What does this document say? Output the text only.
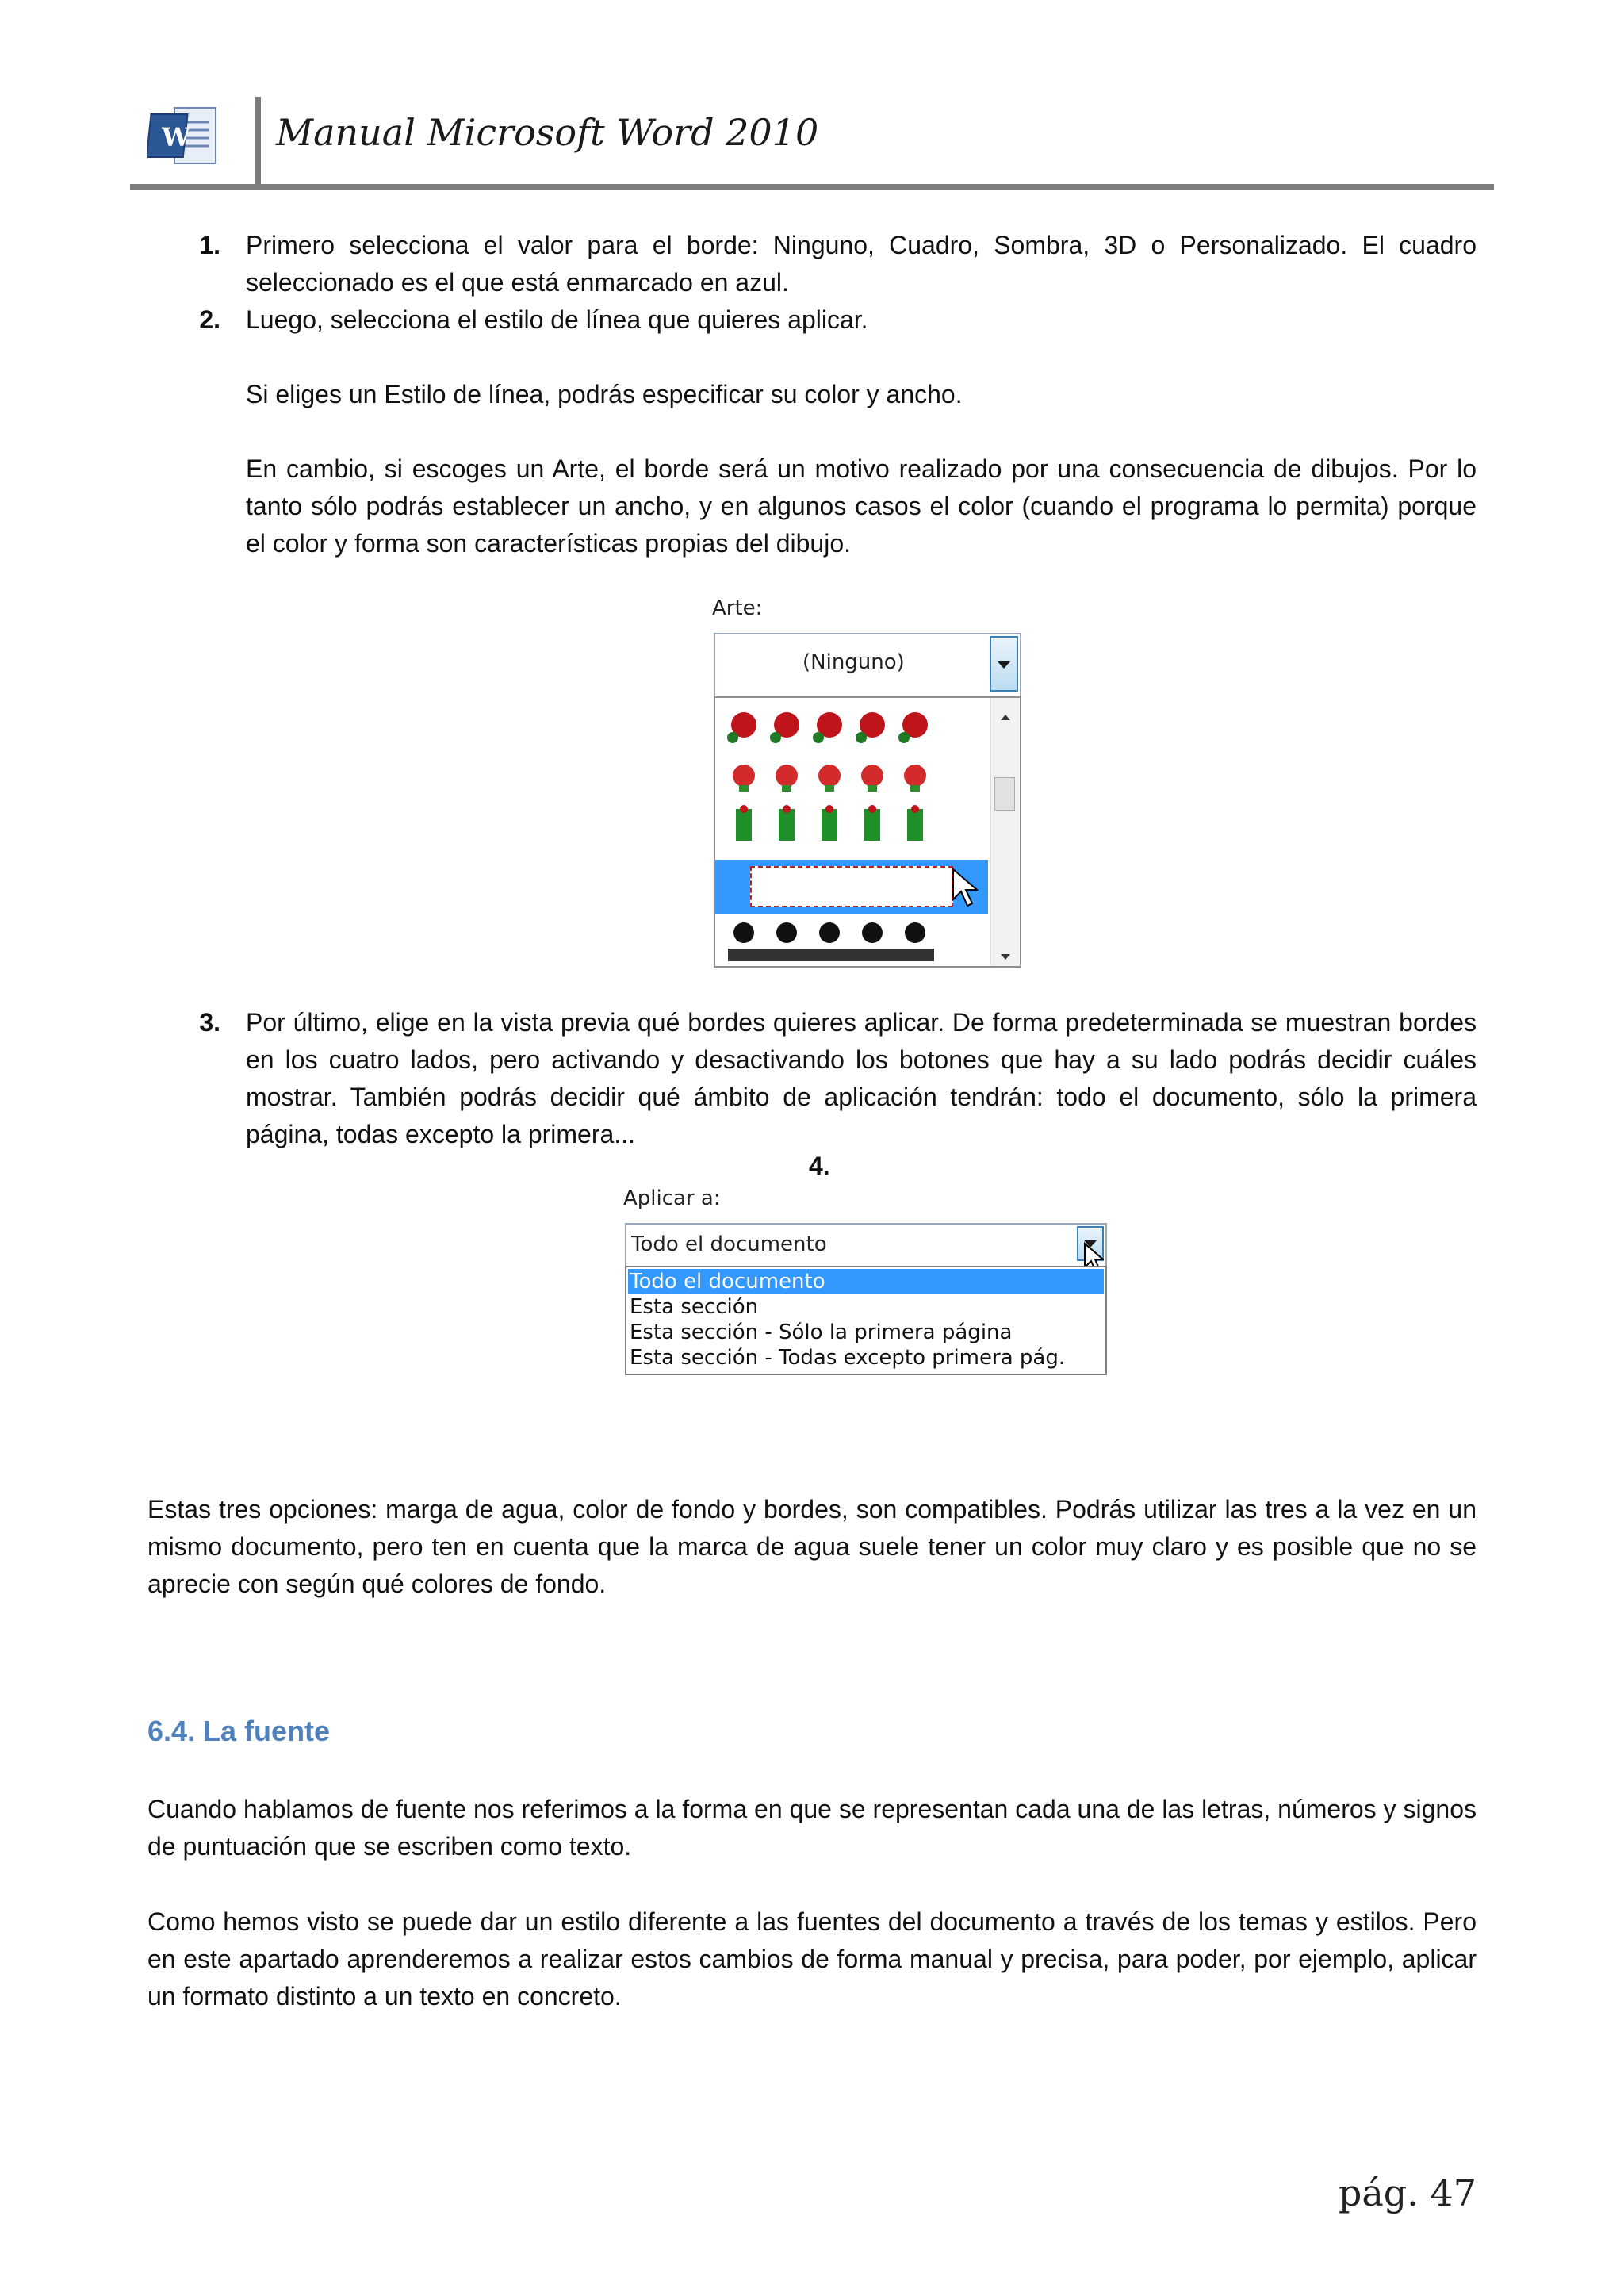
W Manual Microsoft Word 2010
1. Primero selecciona el valor para el borde: Ninguno, Cuadro, Sombra, 3D o Personalizado. El cuadro seleccionado es el que está enmarcado en azul.
2. Luego, selecciona el estilo de línea que quieres aplicar.
Si eliges un Estilo de línea, podrás especificar su color y ancho.
En cambio, si escoges un Arte, el borde será un motivo realizado por una consecuencia de dibujos. Por lo tanto sólo podrás establecer un ancho, y en algunos casos el color (cuando el programa lo permita) porque el color y forma son características propias del dibujo.
Arte:
(Ninguno)
3. Por último, elige en la vista previa qué bordes quieres aplicar. De forma predeterminada se muestran bordes en los cuatro lados, pero activando y desactivando los botones que hay a su lado podrás decidir cuáles mostrar. También podrás decidir qué ámbito de aplicación tendrán: todo el documento, sólo la primera página, todas excepto la primera...
4.
Aplicar a:
Todo el documento
Todo el documento
Esta sección
Esta sección - Sólo la primera página
Esta sección - Todas excepto primera pág.
Estas tres opciones: marga de agua, color de fondo y bordes, son compatibles. Podrás utilizar las tres a la vez en un mismo documento, pero ten en cuenta que la marca de agua suele tener un color muy claro y es posible que no se aprecie con según qué colores de fondo.
6.4. La fuente
Cuando hablamos de fuente nos referimos a la forma en que se representan cada una de las letras, números y signos de puntuación que se escriben como texto.
Como hemos visto se puede dar un estilo diferente a las fuentes del documento a través de los temas y estilos. Pero en este apartado aprenderemos a realizar estos cambios de forma manual y precisa, para poder, por ejemplo, aplicar un formato distinto a un texto en concreto.
pág. 47
